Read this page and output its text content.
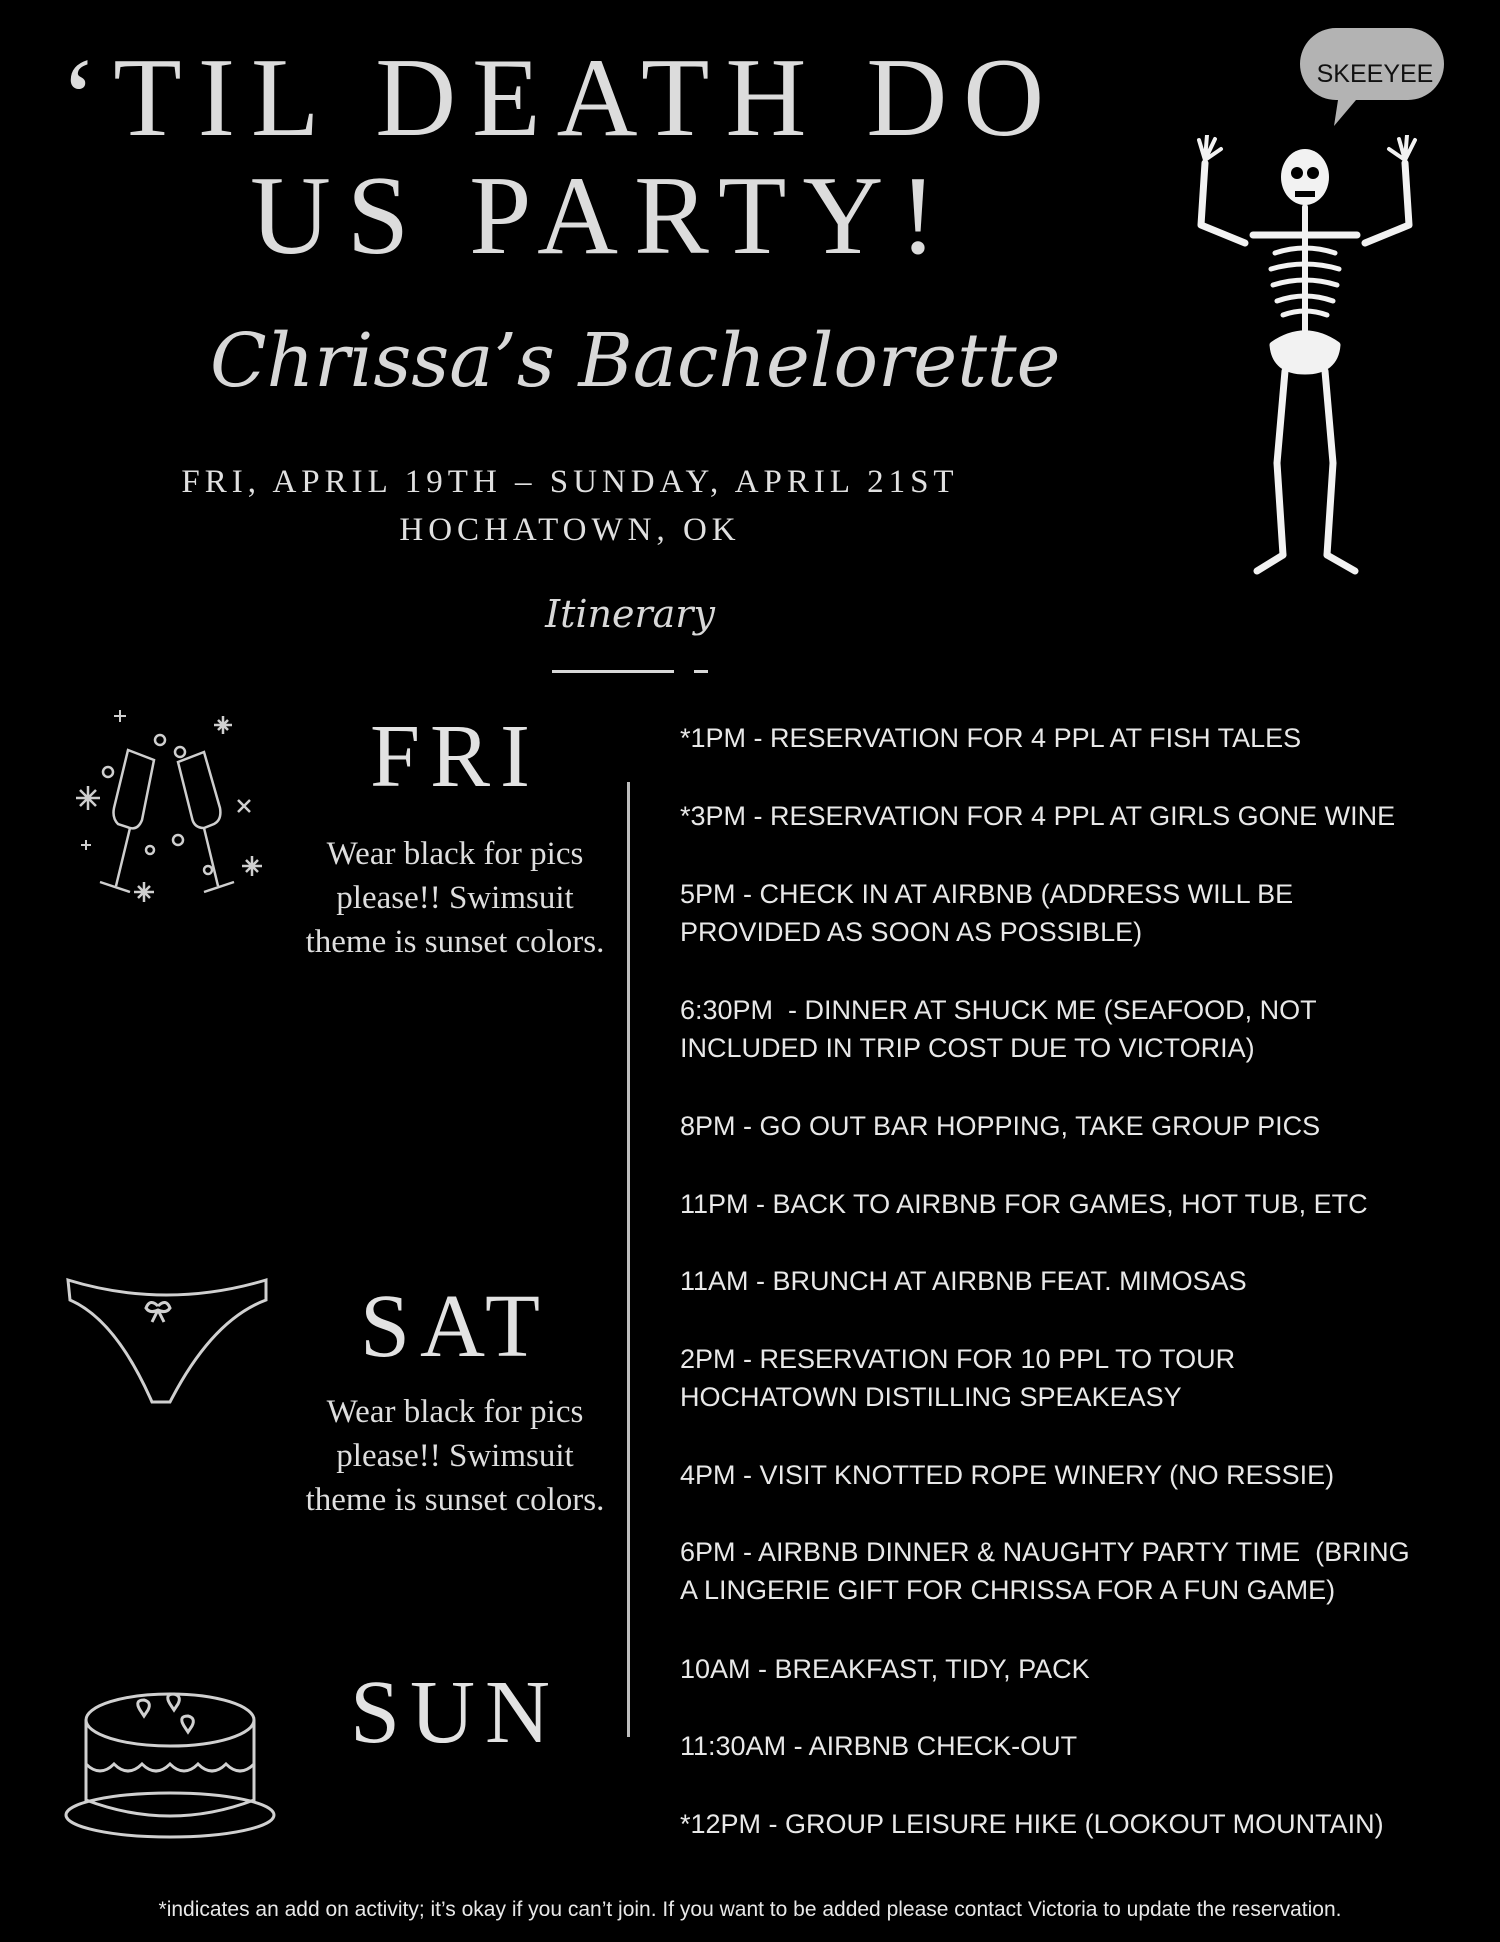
‘TIL DEATH DO
US PARTY!
Chrissa’s Bachelorette
FRI, APRIL 19TH – SUNDAY, APRIL 21ST
HOCHATOWN, OK
Itinerary
SKEEYEE
FRI
Wear black for pics please!! Swimsuit theme is sunset colors.
SAT
Wear black for pics please!! Swimsuit theme is sunset colors.
SUN
*1PM - RESERVATION FOR 4 PPL AT FISH TALES
*3PM - RESERVATION FOR 4 PPL AT GIRLS GONE WINE
5PM - CHECK IN AT AIRBNB (ADDRESS WILL BE
PROVIDED AS SOON AS POSSIBLE)
6:30PM  - DINNER AT SHUCK ME (SEAFOOD, NOT
INCLUDED IN TRIP COST DUE TO VICTORIA)
8PM - GO OUT BAR HOPPING, TAKE GROUP PICS
11PM - BACK TO AIRBNB FOR GAMES, HOT TUB, ETC
11AM - BRUNCH AT AIRBNB FEAT. MIMOSAS
2PM - RESERVATION FOR 10 PPL TO TOUR
HOCHATOWN DISTILLING SPEAKEASY
4PM - VISIT KNOTTED ROPE WINERY (NO RESSIE)
6PM - AIRBNB DINNER & NAUGHTY PARTY TIME  (BRING
A LINGERIE GIFT FOR CHRISSA FOR A FUN GAME)
10AM - BREAKFAST, TIDY, PACK
11:30AM - AIRBNB CHECK-OUT
*12PM - GROUP LEISURE HIKE (LOOKOUT MOUNTAIN)
*indicates an add on activity; it’s okay if you can’t join. If you want to be added please contact Victoria to update the reservation.
